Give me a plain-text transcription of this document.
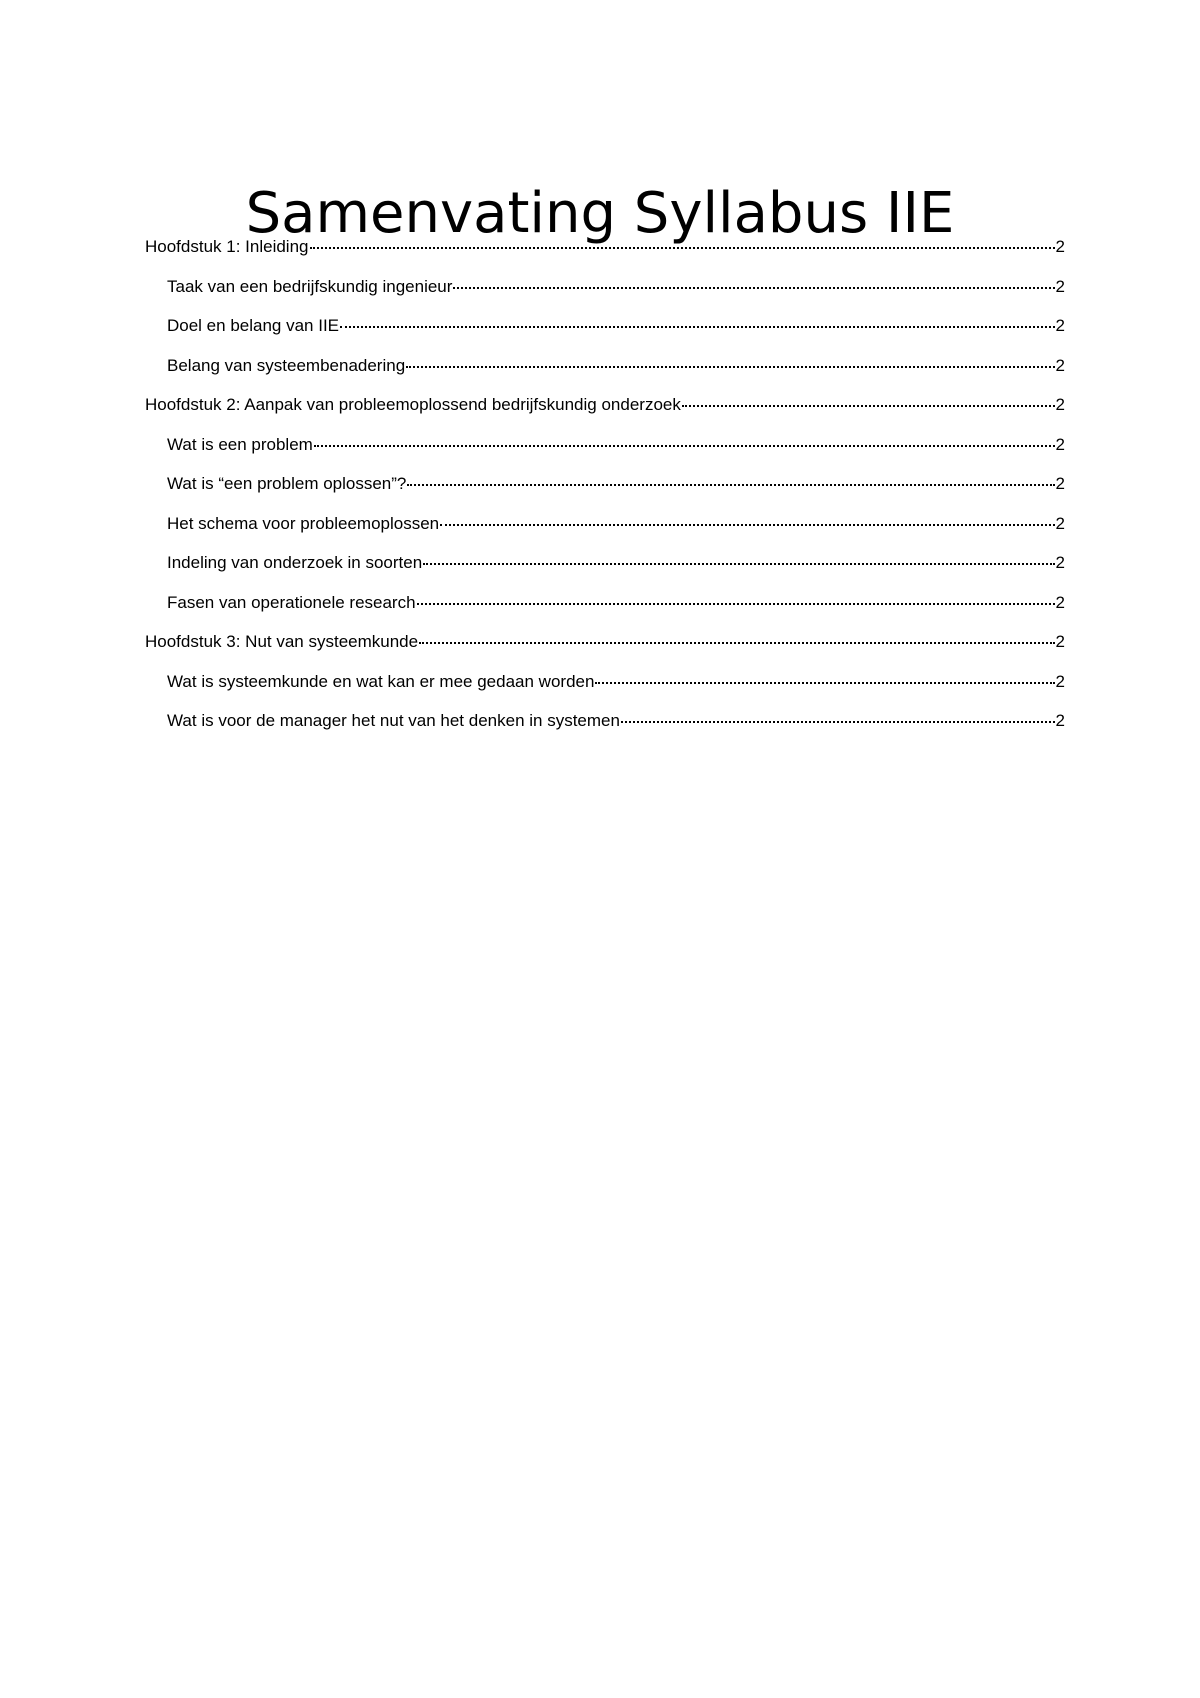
Samenvating Syllabus IIE
Hoofdstuk 1: Inleiding	2
Taak van een bedrijfskundig ingenieur	2
Doel en belang van IIE	2
Belang van systeembenadering	2
Hoofdstuk 2: Aanpak van probleemoplossend bedrijfskundig onderzoek	2
Wat is een problem	2
Wat is “een problem oplossen”?	2
Het schema voor probleemoplossen	2
Indeling van onderzoek in soorten	2
Fasen van operationele research	2
Hoofdstuk 3: Nut van systeemkunde	2
Wat is systeemkunde en wat kan er mee gedaan worden	2
Wat is voor de manager het nut van het denken in systemen	2
